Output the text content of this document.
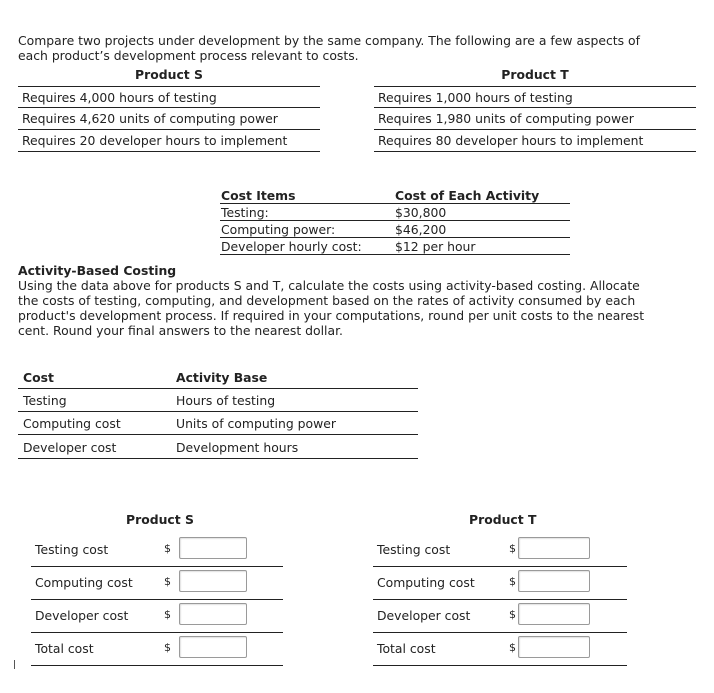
Compare two projects under development by the same company. The following are a few aspects of each product’s development process relevant to costs.
Product S	Product T
Requires 4,000 hours of testing
Requires 4,620 units of computing power
Requires 20 developer hours to implement
Requires 1,000 hours of testing
Requires 1,980 units of computing power
Requires 80 developer hours to implement
Cost Items	Cost of Each Activity
Testing:	$30,800
Computing power:	$46,200
Developer hourly cost:	$12 per hour
Activity-Based Costing
Using the data above for products S and T, calculate the costs using activity-based costing. Allocate the costs of testing, computing, and development based on the rates of activity consumed by each product's development process. If required in your computations, round per unit costs to the nearest cent. Round your final answers to the nearest dollar.
Cost	Activity Base
Testing	Hours of testing
Computing cost	Units of computing power
Developer cost	Development hours
Product S	Product T
Testing cost	$
Computing cost	$
Developer cost	$
Total cost	$
Testing cost	$
Computing cost	$
Developer cost	$
Total cost	$
